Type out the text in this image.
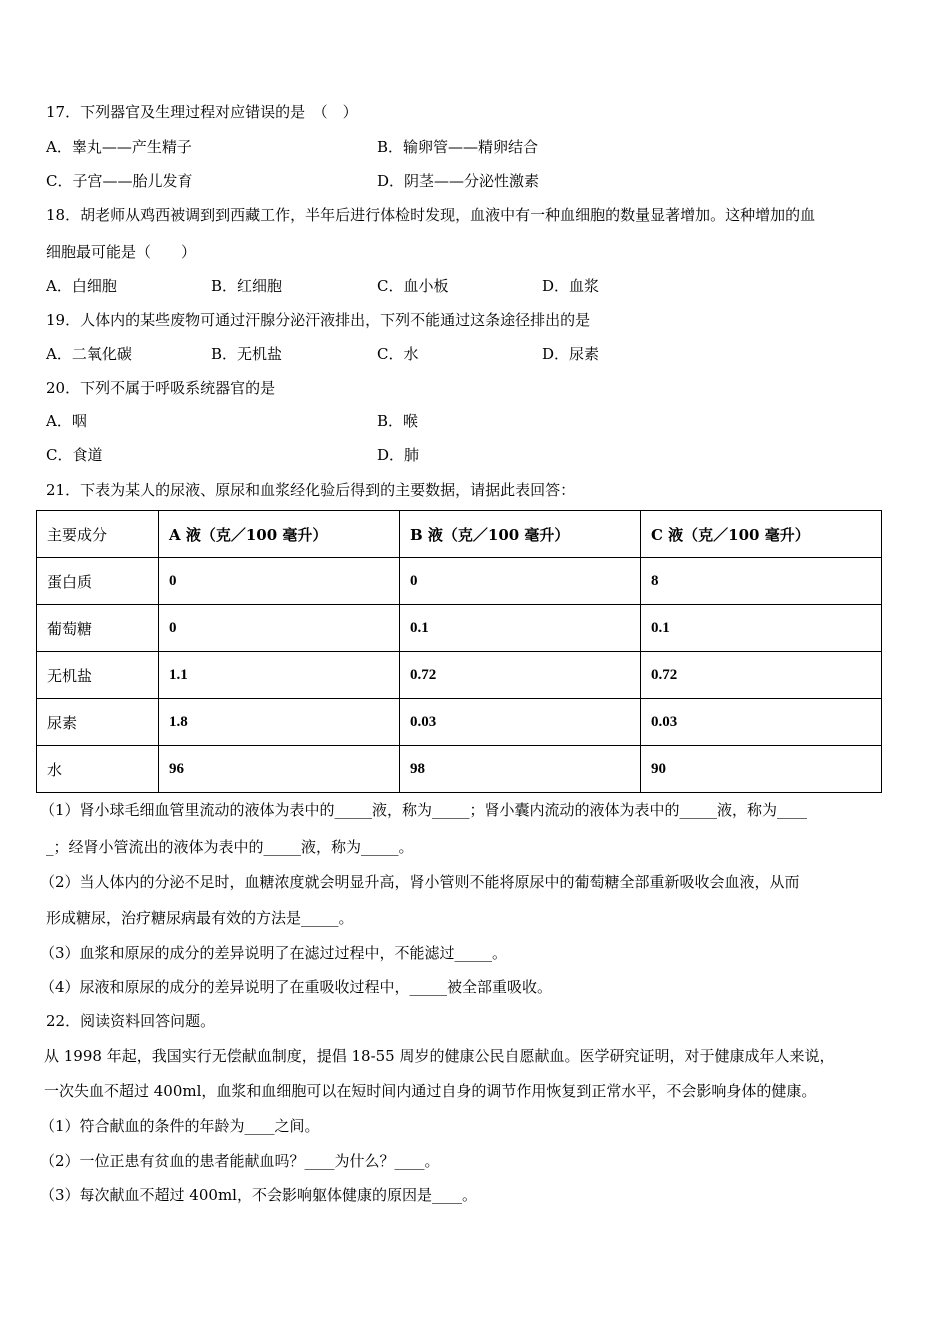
17．下列器官及生理过程对应错误的是　（　）
A．睾丸——产生精子	B．输卵管——精卵结合
C．子宫——胎儿发育	D．阴茎——分泌性激素
18．胡老师从鸡西被调到到西藏工作，半年后进行体检时发现，血液中有一种血细胞的数量显著增加。这种增加的血
细胞最可能是（　　）
A．白细胞	B．红细胞	C．血小板	D．血浆
19．人体内的某些废物可通过汗腺分泌汗液排出，下列不能通过这条途径排出的是
A．二氧化碳	B．无机盐	C．水	D．尿素
20．下列不属于呼吸系统器官的是
A．咽	B．喉
C．食道	D．肺
21．下表为某人的尿液、原尿和血浆经化验后得到的主要数据，请据此表回答：
主要成分	A 液（克／100 毫升）	B 液（克／100 毫升）	C 液（克／100 毫升）
蛋白质	0	0	8
葡萄糖	0	0.1	0.1
无机盐	1.1	0.72	0.72
尿素	1.8	0.03	0.03
水	96	98	90
（1）肾小球毛细血管里流动的液体为表中的_____液，称为_____；肾小囊内流动的液体为表中的_____液，称为____
_；经肾小管流出的液体为表中的_____液，称为_____。
（2）当人体内的分泌不足时，血糖浓度就会明显升高，肾小管则不能将原尿中的葡萄糖全部重新吸收会血液，从而
形成糖尿，治疗糖尿病最有效的方法是_____。
（3）血浆和原尿的成分的差异说明了在滤过过程中，不能滤过_____。
（4）尿液和原尿的成分的差异说明了在重吸收过程中，_____被全部重吸收。
22．阅读资料回答问题。
从 1998 年起，我国实行无偿献血制度，提倡 18-55 周岁的健康公民自愿献血。医学研究证明，对于健康成年人来说，
一次失血不超过 400ml，血浆和血细胞可以在短时间内通过自身的调节作用恢复到正常水平，不会影响身体的健康。
（1）符合献血的条件的年龄为____之间。
（2）一位正患有贫血的患者能献血吗？____为什么？____。
（3）每次献血不超过 400ml，不会影响躯体健康的原因是____。
